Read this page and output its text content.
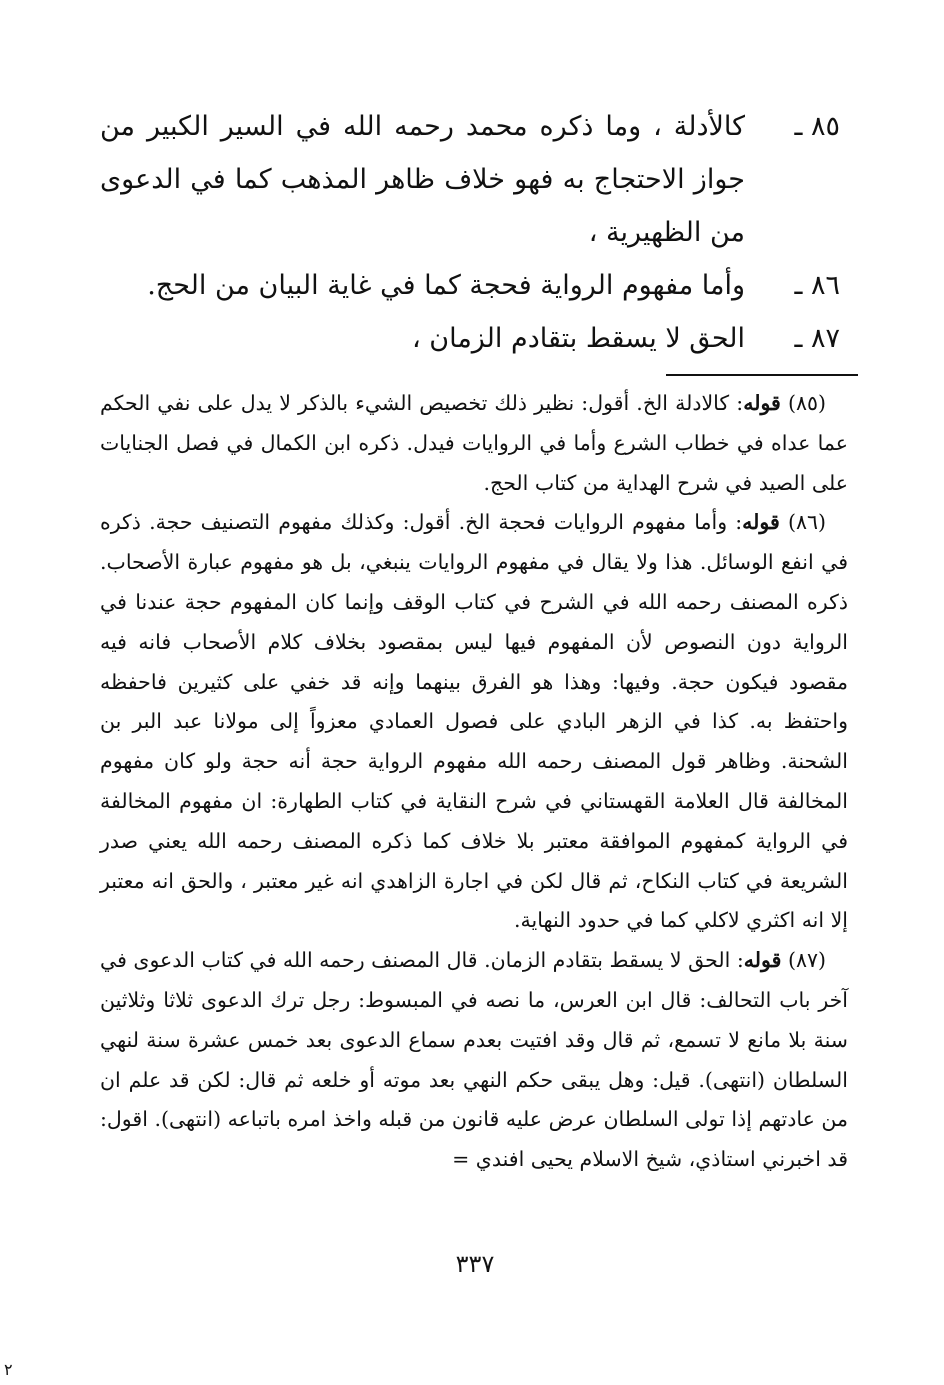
٨٥ ـ
كالأدلة ، وما ذكره محمد رحمه الله في السير الكبير من جواز الاحتجاج به فهو خلاف ظاهر المذهب كما في الدعوى من الظهيرية ،
٨٦ ـ
وأما مفهوم الرواية فحجة كما في غاية البيان من الحج.
٨٧ ـ
الحق لا يسقط بتقادم الزمان ،

(٨٥) قوله: كالادلة الخ. أقول: نظير ذلك تخصيص الشيء بالذكر لا يدل على نفي الحكم عما عداه في خطاب الشرع وأما في الروايات فيدل. ذكره ابن الكمال في فصل الجنايات على الصيد في شرح الهداية من كتاب الحج.

(٨٦) قوله: وأما مفهوم الروايات فحجة الخ. أقول: وكذلك مفهوم التصنيف حجة. ذكره في انفع الوسائل. هذا ولا يقال في مفهوم الروايات ينبغي، بل هو مفهوم عبارة الأصحاب. ذكره المصنف رحمه الله في الشرح في كتاب الوقف وإنما كان المفهوم حجة عندنا في الرواية دون النصوص لأن المفهوم فيها ليس بمقصود بخلاف كلام الأصحاب فانه فيه مقصود فيكون حجة. وفيها: وهذا هو الفرق بينهما وإنه قد خفي على كثيرين فاحفظه واحتفظ به. كذا في الزهر البادي على فصول العمادي معزواً إلى مولانا عبد البر بن الشحنة. وظاهر قول المصنف رحمه الله مفهوم الرواية حجة أنه حجة ولو كان مفهوم المخالفة قال العلامة القهستاني في شرح النقاية في كتاب الطهارة: ان مفهوم المخالفة في الرواية كمفهوم الموافقة معتبر بلا خلاف كما ذكره المصنف رحمه الله يعني صدر الشريعة في كتاب النكاح، ثم قال لكن في اجارة الزاهدي انه غير معتبر ، والحق انه معتبر إلا انه اكثري لاكلي كما في حدود النهاية.

(٨٧) قوله: الحق لا يسقط بتقادم الزمان. قال المصنف رحمه الله في كتاب الدعوى في آخر باب التحالف: قال ابن العرس، ما نصه في المبسوط: رجل ترك الدعوى ثلاثا وثلاثين سنة بلا مانع لا تسمع، ثم قال وقد افتيت بعدم سماع الدعوى بعد خمس عشرة سنة لنهي السلطان (انتهى). قيل: وهل يبقى حكم النهي بعد موته أو خلعه ثم قال: لكن قد علم ان من عادتهم إذا تولى السلطان عرض عليه قانون من قبله واخذ امره باتباعه (انتهى). اقول: قد اخبرني استاذي، شيخ الاسلام يحيى افندي =

٣٣٧
٢
